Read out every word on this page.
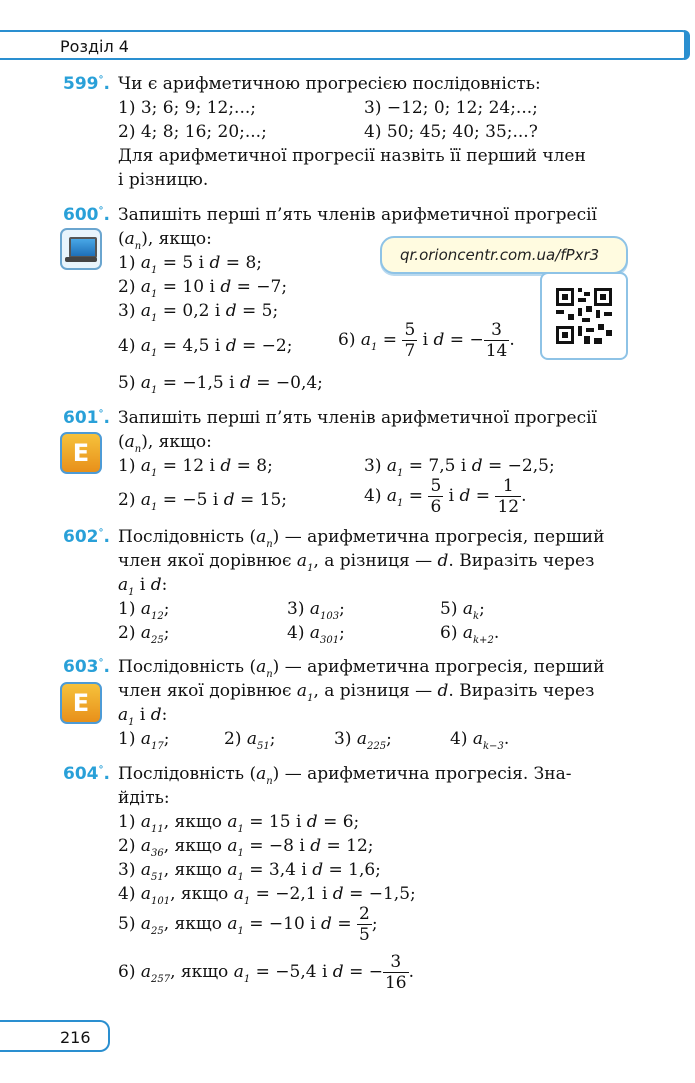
Розділ 4
599°. Чи є арифметичною прогресією послідовність:
1) 3; 6; 9; 12;...;	3) −12; 0; 12; 24;...;
2) 4; 8; 16; 20;...;	4) 50; 45; 40; 35;...?
Для арифметичної прогресії назвіть її перший член
і різницю.
600°. Запишіть перші п’ять членів арифметичної прогресії
$(a_n)$, якщо:
1) $a_1 = 5$ і d = 8;
2) $a_1 = 10$ і d = −7;
3) $a_1 = 0,2$ і d = 5;
4) $a_1 = 4,5$ і d = −2;	6) $a_1 = \frac{5}{7}$ і d = − $\frac{3}{14}$ .
5) $a_1 = -1,5$ і d = −0,4;
qr.orioncentr.com.ua/fPxr3
601°.
E
Запишіть перші п’ять членів арифметичної прогресії
$(a_n)$, якщо:
1) $a_1 = 12$ і d = 8;	3) $a_1 = 7,5$ і d = −2,5;
2) $a_1 = -5$ і d = 15;	4) $a_1 = \frac{5}{6}$ і $d = \frac{1}{12}$ .
602°. Послідовність $(a_n)$ — арифметична прогресія, перший
член якої дорівнює $a_1$, а різниця — d. Виразіть через
$a_1$ і d:
1) $a_{12}$;	3) $a_{103}$;	5) $a_k$;
2) $a_{25}$;	4) $a_{301}$;	6) $a_{k+2}$.
603°.
E
Послідовність $(a_n)$ — арифметична прогресія, перший
член якої дорівнює $a_1$, а різниця — d. Виразіть через
$a_1$ і d:
1) $a_{17}$;	2) $a_{51}$;	3) $a_{225}$;	4) $a_{k-3}$.
604°. Послідовність $(a_n)$ — арифметична прогресія. Зна-
йдіть:
1) $a_{11}$, якщо $a_1 = 15$ і d = 6;
2) $a_{36}$, якщо $a_1 = -8$ і d = 12;
3) $a_{51}$, якщо $a_1 = 3,4$ і d = 1,6;
4) $a_{101}$, якщо $a_1 = -2,1$ і d = −1,5;
5) $a_{25}$, якщо $a_1 = -10$ і $d = \frac{2}{5}$ ;
6) $a_{257}$, якщо $a_1 = -5,4$ і d = − $\frac{3}{16}$ .
216
